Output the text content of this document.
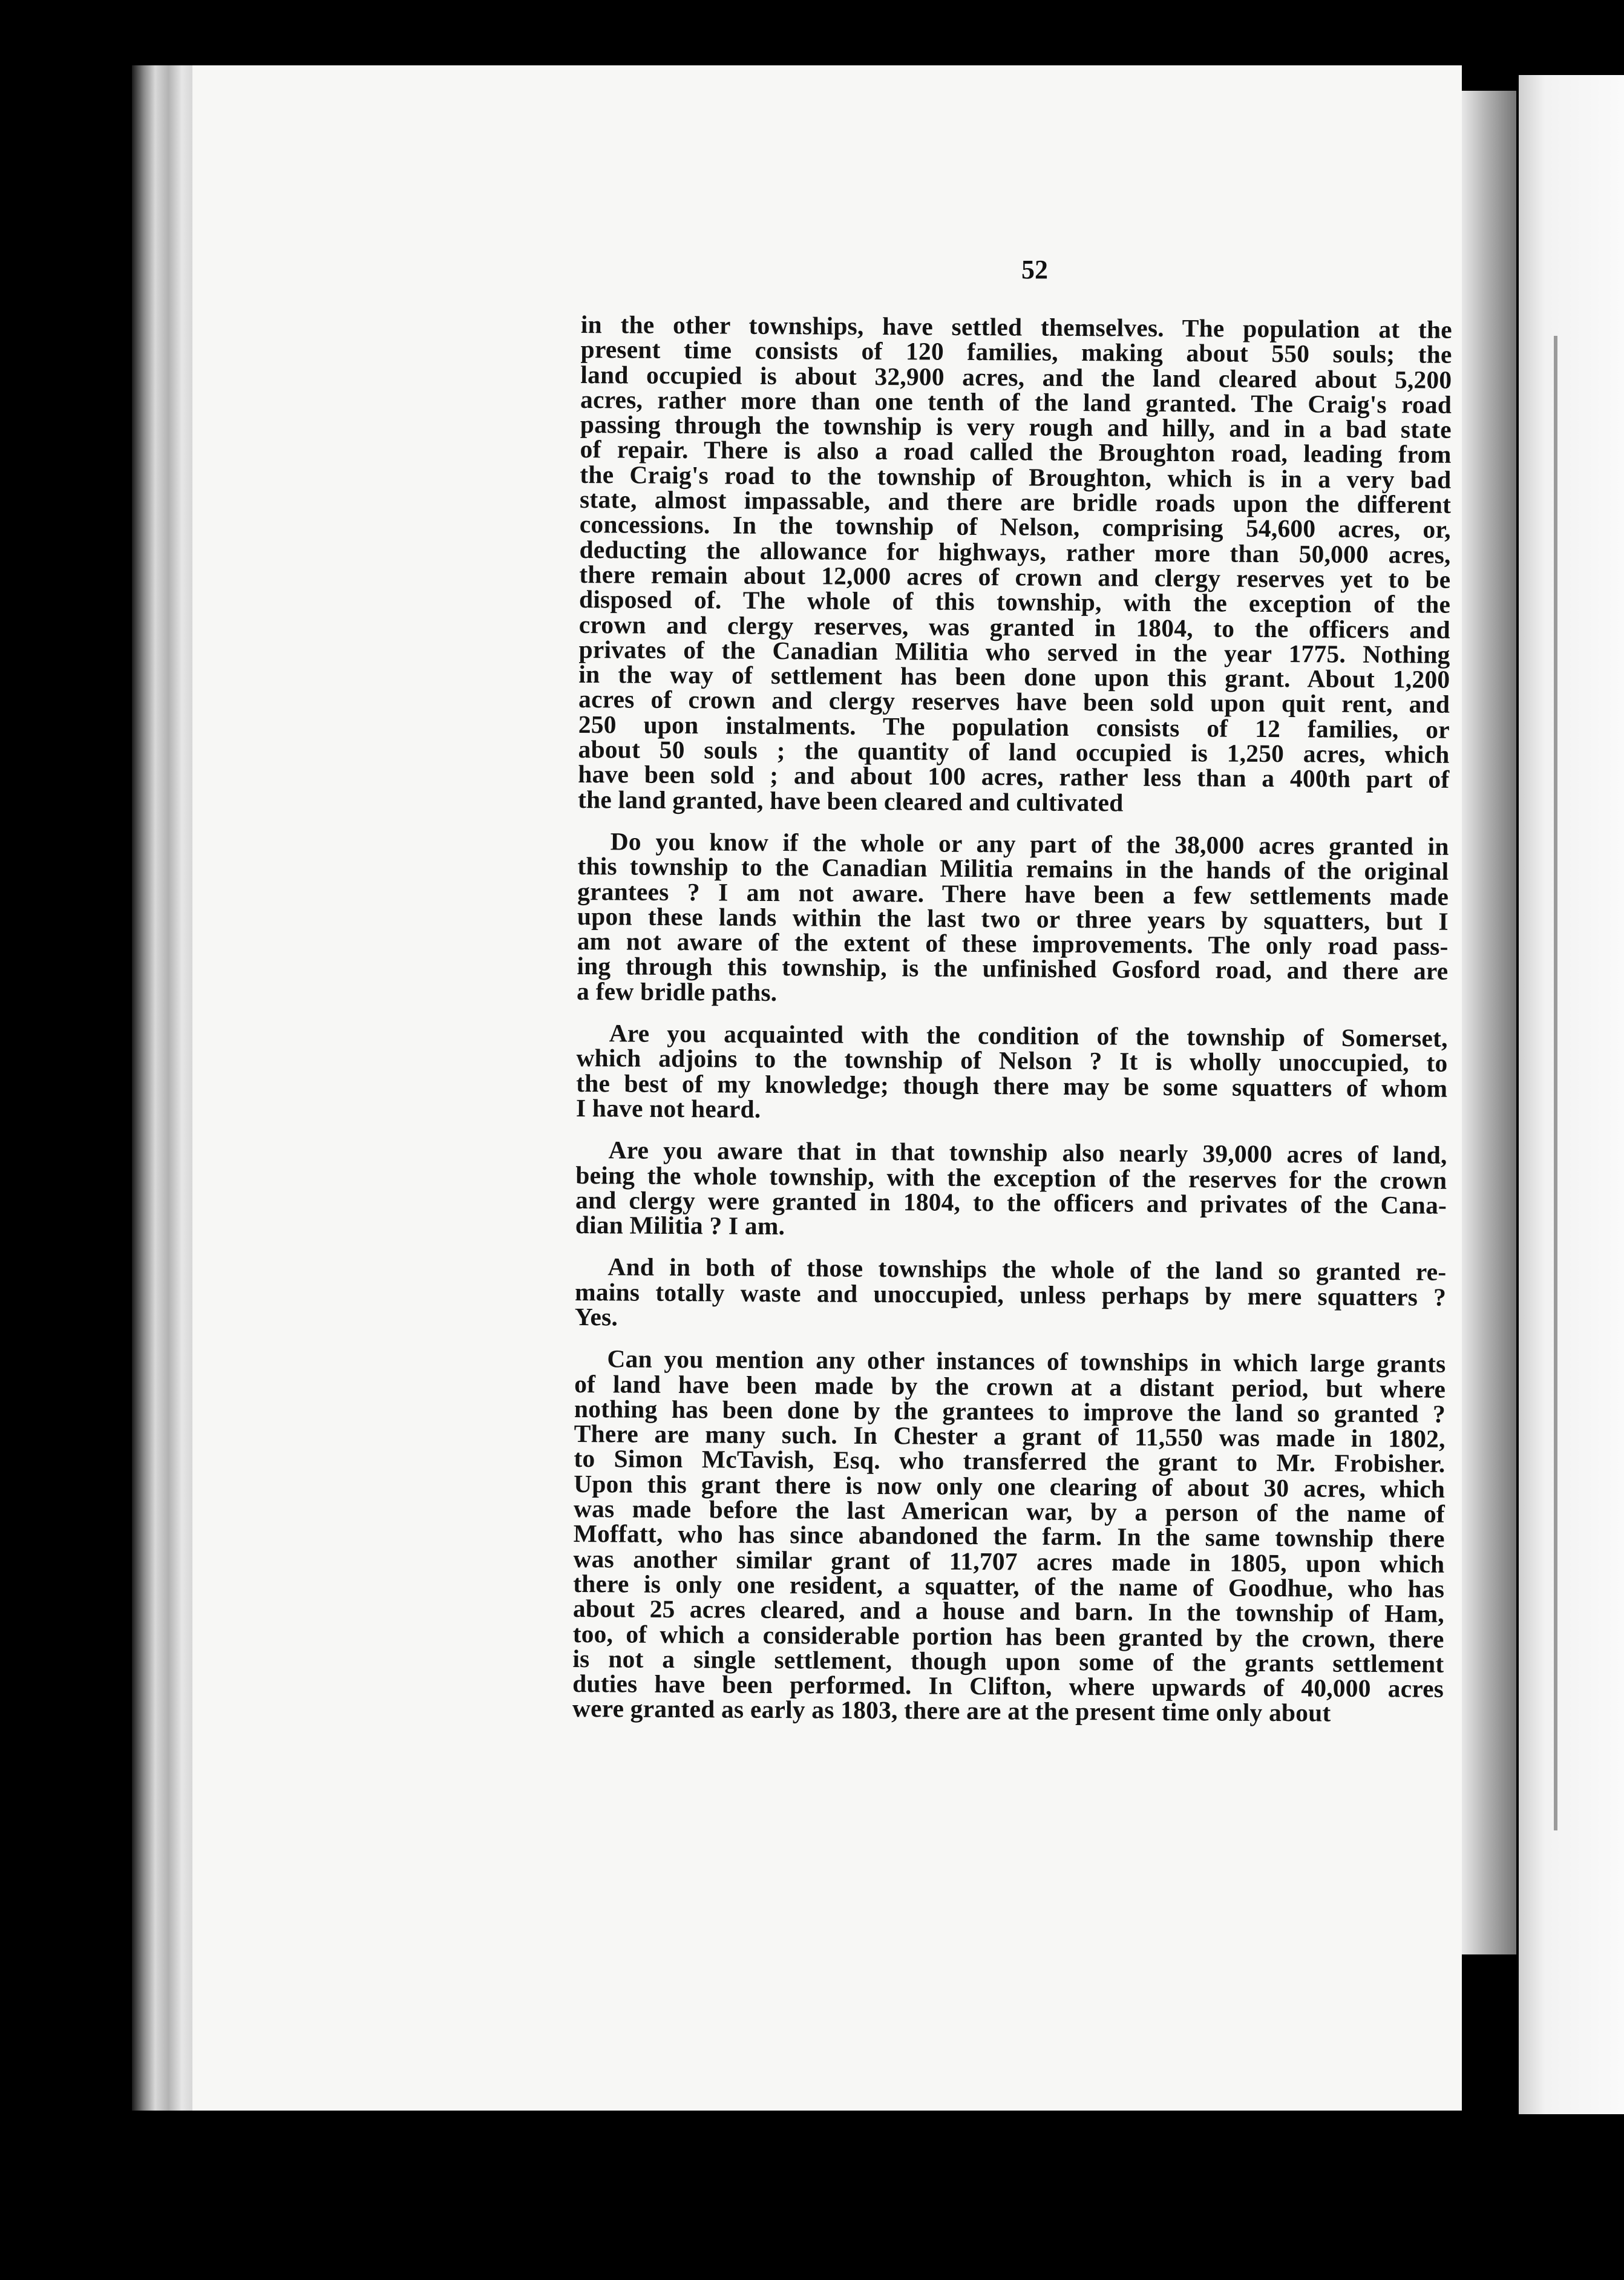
52
in the other townships, have settled themselves. The population at the
present time consists of 120 families, making about 550 souls; the
land occupied is about 32,900 acres, and the land cleared about 5,200
acres, rather more than one tenth of the land granted. The Craig's road
passing through the township is very rough and hilly, and in a bad state
of repair. There is also a road called the Broughton road, leading from
the Craig's road to the township of Broughton, which is in a very bad
state, almost impassable, and there are bridle roads upon the different
concessions. In the township of Nelson, comprising 54,600 acres, or,
deducting the allowance for highways, rather more than 50,000 acres,
there remain about 12,000 acres of crown and clergy reserves yet to be
disposed of. The whole of this township, with the exception of the
crown and clergy reserves, was granted in 1804, to the officers and
privates of the Canadian Militia who served in the year 1775. Nothing
in the way of settlement has been done upon this grant. About 1,200
acres of crown and clergy reserves have been sold upon quit rent, and
250 upon instalments. The population consists of 12 families, or
about 50 souls ; the quantity of land occupied is 1,250 acres, which
have been sold ; and about 100 acres, rather less than a 400th part of
the land granted, have been cleared and cultivated
Do you know if the whole or any part of the 38,000 acres granted in
this township to the Canadian Militia remains in the hands of the original
grantees ? I am not aware. There have been a few settlements made
upon these lands within the last two or three years by squatters, but I
am not aware of the extent of these improvements. The only road pass-
ing through this township, is the unfinished Gosford road, and there are
a few bridle paths.
Are you acquainted with the condition of the township of Somerset,
which adjoins to the township of Nelson ? It is wholly unoccupied, to
the best of my knowledge; though there may be some squatters of whom
I have not heard.
Are you aware that in that township also nearly 39,000 acres of land,
being the whole township, with the exception of the reserves for the crown
and clergy were granted in 1804, to the officers and privates of the Cana-
dian Militia ? I am.
And in both of those townships the whole of the land so granted re-
mains totally waste and unoccupied, unless perhaps by mere squatters ?
Yes.
Can you mention any other instances of townships in which large grants
of land have been made by the crown at a distant period, but where
nothing has been done by the grantees to improve the land so granted ?
There are many such. In Chester a grant of 11,550 was made in 1802,
to Simon McTavish, Esq. who transferred the grant to Mr. Frobisher.
Upon this grant there is now only one clearing of about 30 acres, which
was made before the last American war, by a person of the name of
Moffatt, who has since abandoned the farm. In the same township there
was another similar grant of 11,707 acres made in 1805, upon which
there is only one resident, a squatter, of the name of Goodhue, who has
about 25 acres cleared, and a house and barn. In the township of Ham,
too, of which a considerable portion has been granted by the crown, there
is not a single settlement, though upon some of the grants settlement
duties have been performed. In Clifton, where upwards of 40,000 acres
were granted as early as 1803, there are at the present time only about
